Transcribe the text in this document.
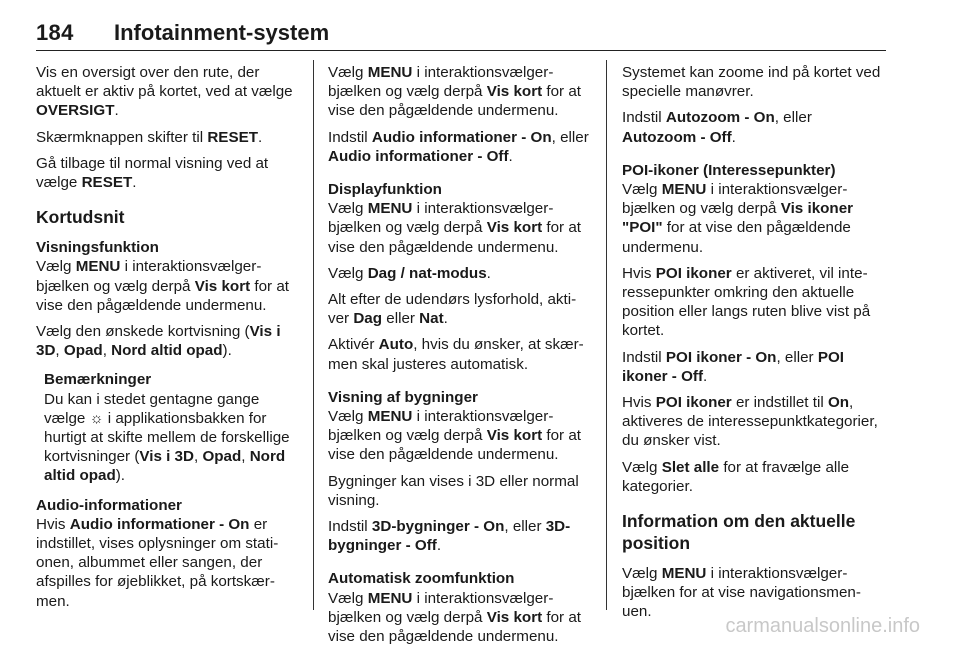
184 Infotainment-system

Vis en oversigt over den rute, der aktuelt er aktiv på kortet, ved at vælge OVERSIGT.

Skærmknappen skifter til RESET.

Gå tilbage til normal visning ved at vælge RESET.

Kortudsnit
Visningsfunktion

Vælg MENU i interaktionsvælgerbjælken og vælg derpå Vis kort for at vise den pågældende undermenu.

Vælg den ønskede kortvisning (Vis i 3D, Opad, Nord altid opad).

Bemærkninger

Du kan i stedet gentagne gange vælge ☼ i applikationsbakken for hurtigt at skifte mellem de forskellige kortvisninger (Vis i 3D, Opad, Nord altid opad).

Audio-informationer

Hvis Audio informationer - On er indstillet, vises oplysninger om stationen, albummet eller sangen, der afspilles for øjeblikket, på kortskærmen.

Vælg MENU i interaktionsvælgerbjælken og vælg derpå Vis kort for at vise den pågældende undermenu.

Indstil Audio informationer - On, eller Audio informationer - Off.

Displayfunktion

Vælg MENU i interaktionsvælgerbjælken og vælg derpå Vis kort for at vise den pågældende undermenu.

Vælg Dag / nat-modus.

Alt efter de udendørs lysforhold, aktiver Dag eller Nat.

Aktivér Auto, hvis du ønsker, at skærmen skal justeres automatisk.

Visning af bygninger

Vælg MENU i interaktionsvælgerbjælken og vælg derpå Vis kort for at vise den pågældende undermenu.

Bygninger kan vises i 3D eller normal visning.

Indstil 3D-bygninger - On, eller 3D-bygninger - Off.

Automatisk zoomfunktion

Vælg MENU i interaktionsvælgerbjælken og vælg derpå Vis kort for at vise den pågældende undermenu.

Systemet kan zoome ind på kortet ved specielle manøvrer.

Indstil Autozoom - On, eller Autozoom - Off.

POI-ikoner (Interessepunkter)

Vælg MENU i interaktionsvælgerbjælken og vælg derpå Vis ikoner "POI" for at vise den pågældende undermenu.

Hvis POI ikoner er aktiveret, vil interessepunkter omkring den aktuelle position eller langs ruten blive vist på kortet.

Indstil POI ikoner - On, eller POI ikoner - Off.

Hvis POI ikoner er indstillet til On, aktiveres de interessepunktkategorier, du ønsker vist.

Vælg Slet alle for at fravælge alle kategorier.

Information om den aktuelle position

Vælg MENU i interaktionsvælgerbjælken for at vise navigationsmenuen.

carmanualsonline.info
